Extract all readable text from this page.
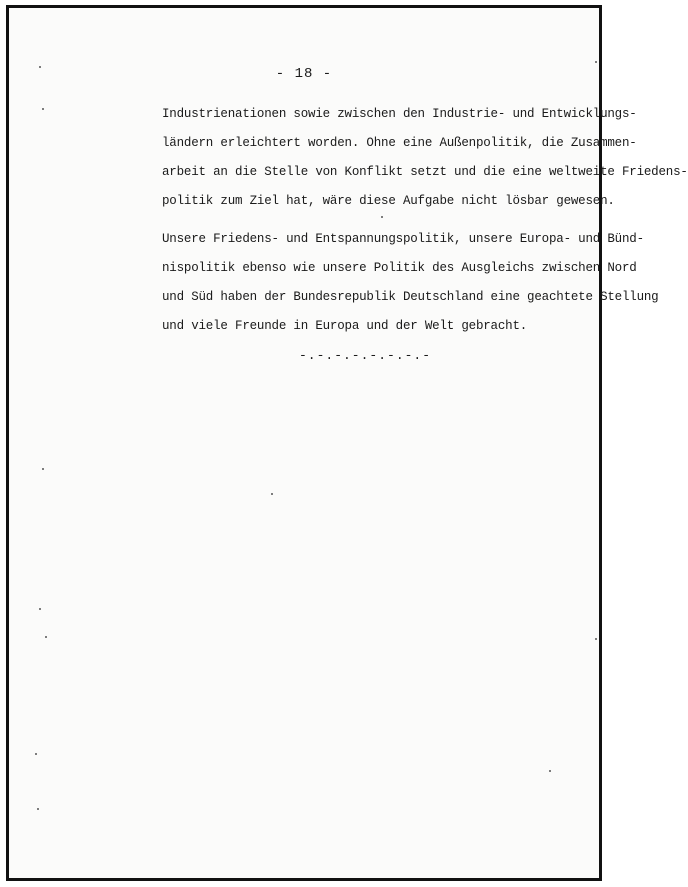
- 18 -
Industrienationen sowie zwischen den Industrie- und Entwicklungs-
ländern erleichtert worden. Ohne eine Außenpolitik, die Zusammen-
arbeit an die Stelle von Konflikt setzt und die eine weltweite Friedens-
politik zum Ziel hat, wäre diese Aufgabe nicht lösbar gewesen.
Unsere Friedens- und Entspannungspolitik, unsere Europa- und Bünd-
nispolitik ebenso wie unsere Politik des Ausgleichs zwischen Nord
und Süd haben der Bundesrepublik Deutschland eine geachtete Stellung
und viele Freunde in Europa und der Welt gebracht.
-.-.-.-.-.-.-.-
